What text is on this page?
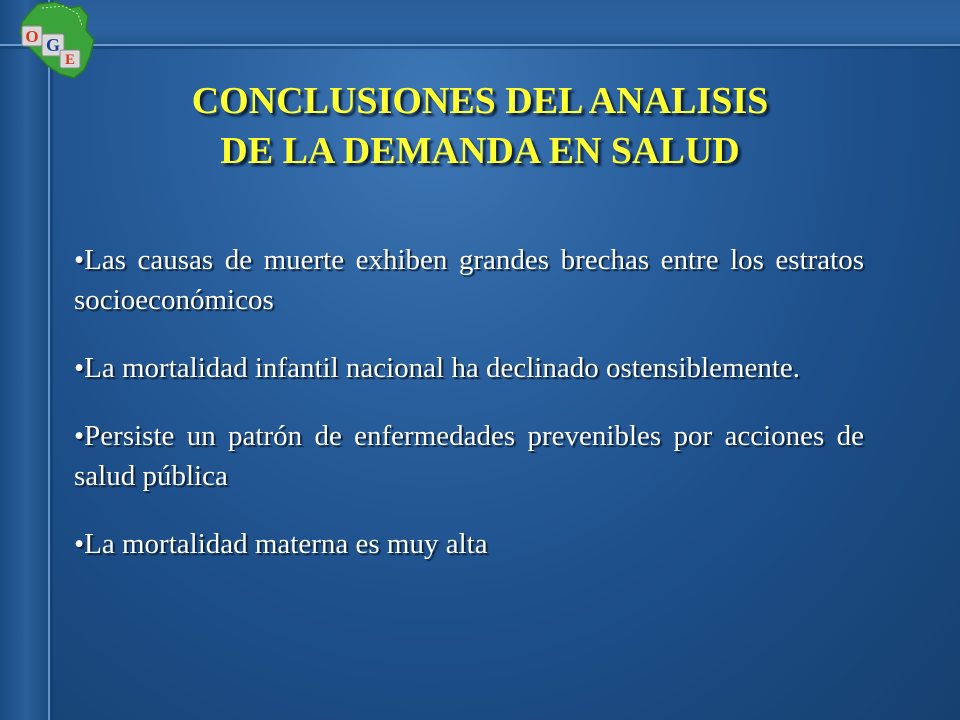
O G
E
CONCLUSIONES DEL ANALISIS
DE LA DEMANDA EN SALUD
•Las causas de muerte exhiben grandes brechas entre los estratos socioeconómicos
•La mortalidad infantil nacional ha declinado ostensiblemente.
•Persiste un patrón de enfermedades prevenibles por acciones de salud pública
•La mortalidad materna es muy alta
